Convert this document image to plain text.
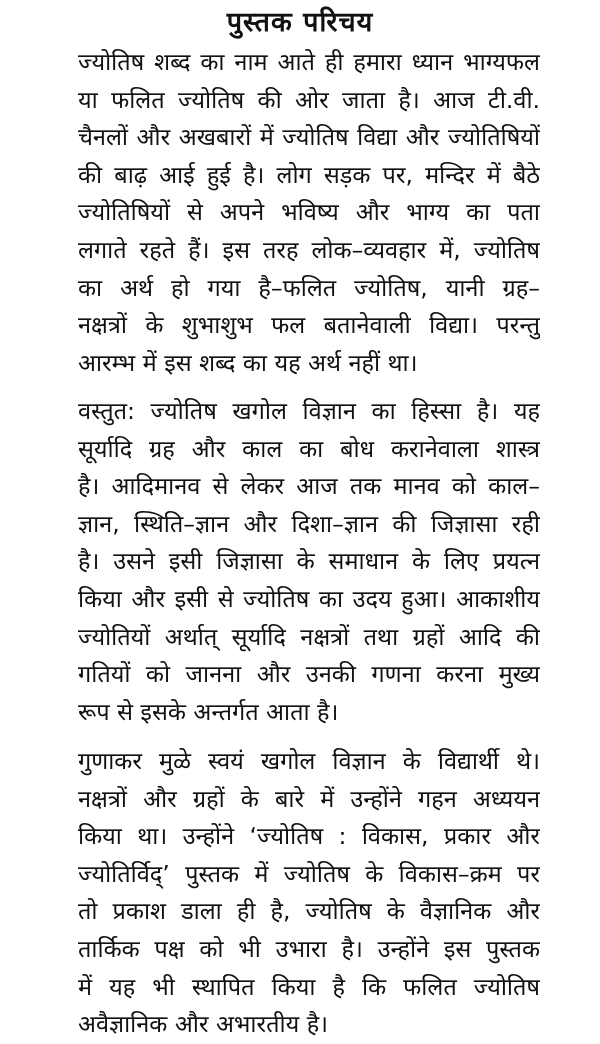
पुस्तक परिचय

ज्योतिष शब्द का नाम आते ही हमारा ध्यान भाग्यफल
या फलित ज्योतिष की ओर जाता है। आज टी.वी.
चैनलों और अखबारों में ज्योतिष विद्या और ज्योतिषियों
की बाढ़ आई हुई है। लोग सड़क पर, मन्दिर में बैठे
ज्योतिषियों से अपने भविष्य और भाग्य का पता
लगाते रहते हैं। इस तरह लोक–व्यवहार में, ज्योतिष
का अर्थ हो गया है–फलित ज्योतिष, यानी ग्रह–
नक्षत्रों के शुभाशुभ फल बतानेवाली विद्या। परन्तु
आरम्भ में इस शब्द का यह अर्थ नहीं था।

वस्तुत: ज्योतिष खगोल विज्ञान का हिस्सा है। यह
सूर्यादि ग्रह और काल का बोध करानेवाला शास्त्र
है। आदिमानव से लेकर आज तक मानव को काल–
ज्ञान, स्थिति–ज्ञान और दिशा–ज्ञान की जिज्ञासा रही
है। उसने इसी जिज्ञासा के समाधान के लिए प्रयत्न
किया और इसी से ज्योतिष का उदय हुआ। आकाशीय
ज्योतियों अर्थात् सूर्यादि नक्षत्रों तथा ग्रहों आदि की
गतियों को जानना और उनकी गणना करना मुख्य
रूप से इसके अन्तर्गत आता है।

गुणाकर मुळे स्वयं खगोल विज्ञान के विद्यार्थी थे।
नक्षत्रों और ग्रहों के बारे में उन्होंने गहन अध्ययन
किया था। उन्होंने ‘ज्योतिष : विकास, प्रकार और
ज्योतिर्विद्’ पुस्तक में ज्योतिष के विकास–क्रम पर
तो प्रकाश डाला ही है, ज्योतिष के वैज्ञानिक और
तार्किक पक्ष को भी उभारा है। उन्होंने इस पुस्तक
में यह भी स्थापित किया है कि फलित ज्योतिष
अवैज्ञानिक और अभारतीय है।
